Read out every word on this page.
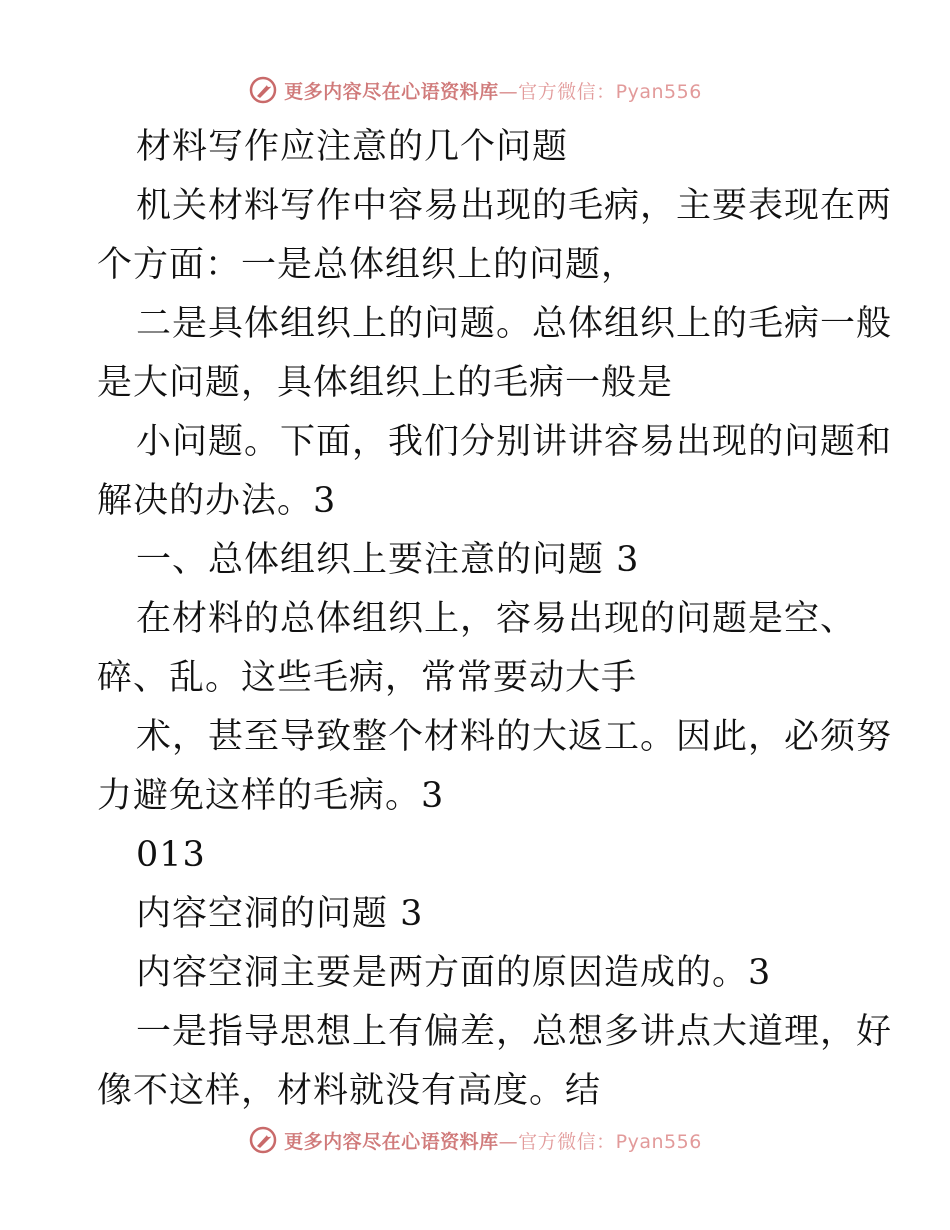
更多内容尽在心语资料库—官方微信：Pyan556
材料写作应注意的几个问题
机关材料写作中容易出现的毛病，主要表现在两
个方面：一是总体组织上的问题，
二是具体组织上的问题。总体组织上的毛病一般
是大问题，具体组织上的毛病一般是
小问题。下面，我们分别讲讲容易出现的问题和
解决的办法。3
一、总体组织上要注意的问题 3
在材料的总体组织上，容易出现的问题是空、
碎、乱。这些毛病，常常要动大手
术，甚至导致整个材料的大返工。因此，必须努
力避免这样的毛病。3
013
内容空洞的问题 3
内容空洞主要是两方面的原因造成的。3
一是指导思想上有偏差，总想多讲点大道理，好
像不这样，材料就没有高度。结
更多内容尽在心语资料库—官方微信：Pyan556
